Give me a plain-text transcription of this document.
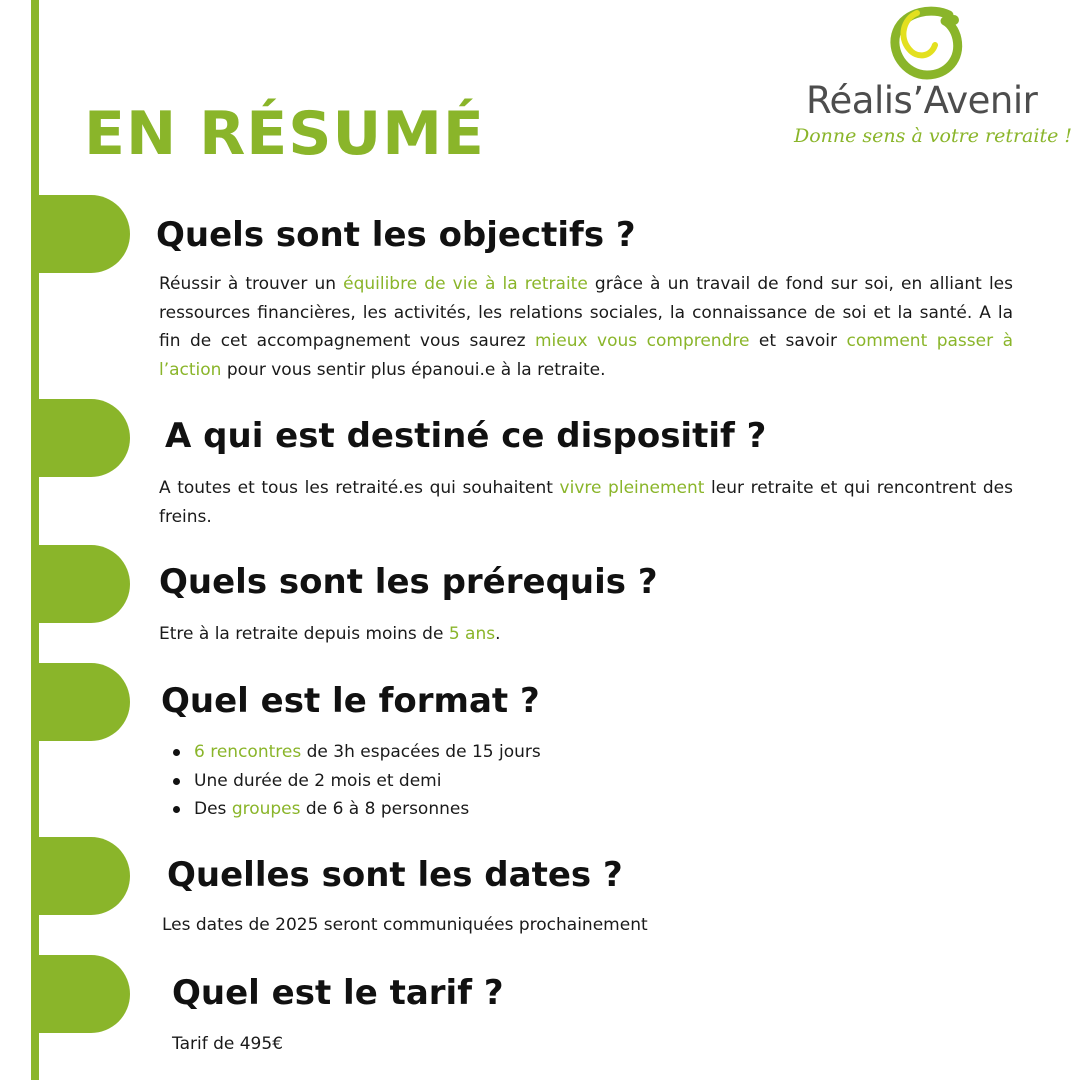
EN RÉSUMÉ	Réalis’Avenir
Donne sens à votre retraite !
Quels sont les objectifs ?

Réussir à trouver un équilibre de vie à la retraite grâce à un travail de fond sur soi, en alliant les ressources financières, les activités, les relations sociales, la connaissance de soi et la santé. A la fin de cet accompagnement vous saurez mieux vous comprendre et savoir comment passer à l’action pour vous sentir plus épanoui.e à la retraite.

A qui est destiné ce dispositif ?

A toutes et tous les retraité.es qui souhaitent vivre pleinement leur retraite et qui rencontrent des freins.

Quels sont les prérequis ?

Etre à la retraite depuis moins de 5 ans.

Quel est le format ?
6 rencontres de 3h espacées de 15 jours
Une durée de 2 mois et demi
Des groupes de 6 à 8 personnes
Quelles sont les dates ?

Les dates de 2025 seront communiquées prochainement

Quel est le tarif ?

Tarif de 495€
